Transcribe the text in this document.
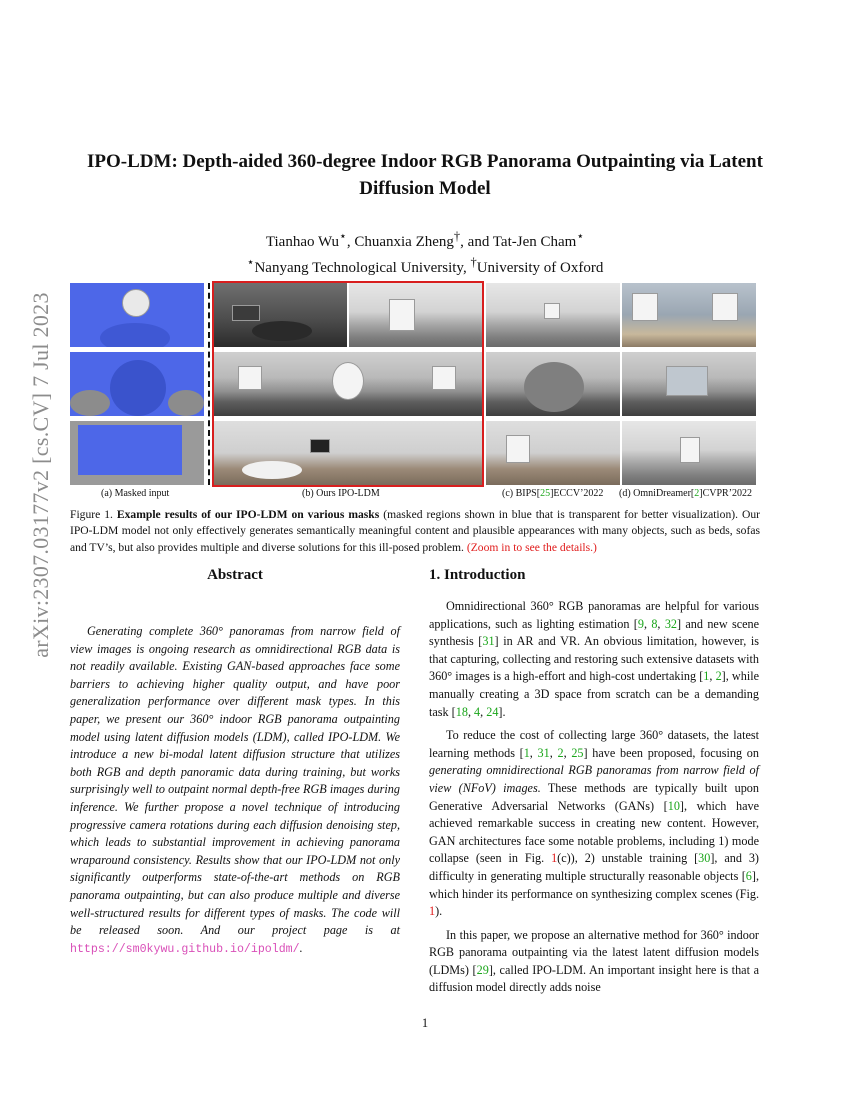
arXiv:2307.03177v2 [cs.CV] 7 Jul 2023
IPO-LDM: Depth-aided 360-degree Indoor RGB Panorama Outpainting via Latent Diffusion Model
Tianhao Wu⋆, Chuanxia Zheng†, and Tat-Jen Cham⋆
⋆Nanyang Technological University, †University of Oxford
(a) Masked input	(b) Ours IPO-LDM	(c) BIPS[25]ECCV’2022 (d) OmniDreamer[2]CVPR’2022
Figure 1. Example results of our IPO-LDM on various masks (masked regions shown in blue that is transparent for better visualization). Our IPO-LDM model not only effectively generates semantically meaningful content and plausible appearances with many objects, such as beds, sofas and TV’s, but also provides multiple and diverse solutions for this ill-posed problem. (Zoom in to see the details.)
Abstract	1. Introduction
Generating complete 360° panoramas from narrow field of view images is ongoing research as omnidirectional RGB data is not readily available. Existing GAN-based approaches face some barriers to achieving higher quality output, and have poor generalization performance over different mask types. In this paper, we present our 360° indoor RGB panorama outpainting model using latent diffusion models (LDM), called IPO-LDM. We introduce a new bi-modal latent diffusion structure that utilizes both RGB and depth panoramic data during training, but works surprisingly well to outpaint normal depth-free RGB images during inference. We further propose a novel technique of introducing progressive camera rotations during each diffusion denoising step, which leads to substantial improvement in achieving panorama wraparound consistency. Results show that our IPO-LDM not only significantly outperforms state-of-the-art methods on RGB panorama outpainting, but can also produce multiple and diverse well-structured results for different types of masks. The code will be released soon. And our project page is at https://sm0kywu.github.io/ipoldm/.

Omnidirectional 360° RGB panoramas are helpful for various applications, such as lighting estimation [9, 8, 32] and new scene synthesis [31] in AR and VR. An obvious limitation, however, is that capturing, collecting and restoring such extensive datasets with 360° images is a high-effort and high-cost undertaking [1, 2], while manually creating a 3D space from scratch can be a demanding task [18, 4, 24].

To reduce the cost of collecting large 360° datasets, the latest learning methods [1, 31, 2, 25] have been proposed, focusing on generating omnidirectional RGB panoramas from narrow field of view (NFoV) images. These methods are typically built upon Generative Adversarial Networks (GANs) [10], which have achieved remarkable success in creating new content. However, GAN architectures face some notable problems, including 1) mode collapse (seen in Fig. 1(c)), 2) unstable training [30], and 3) difficulty in generating multiple structurally reasonable objects [6], which hinder its performance on synthesizing complex scenes (Fig. 1).

In this paper, we propose an alternative method for 360° indoor RGB panorama outpainting via the latest latent diffusion models (LDMs) [29], called IPO-LDM. An important insight here is that a diffusion model directly adds noise

1
